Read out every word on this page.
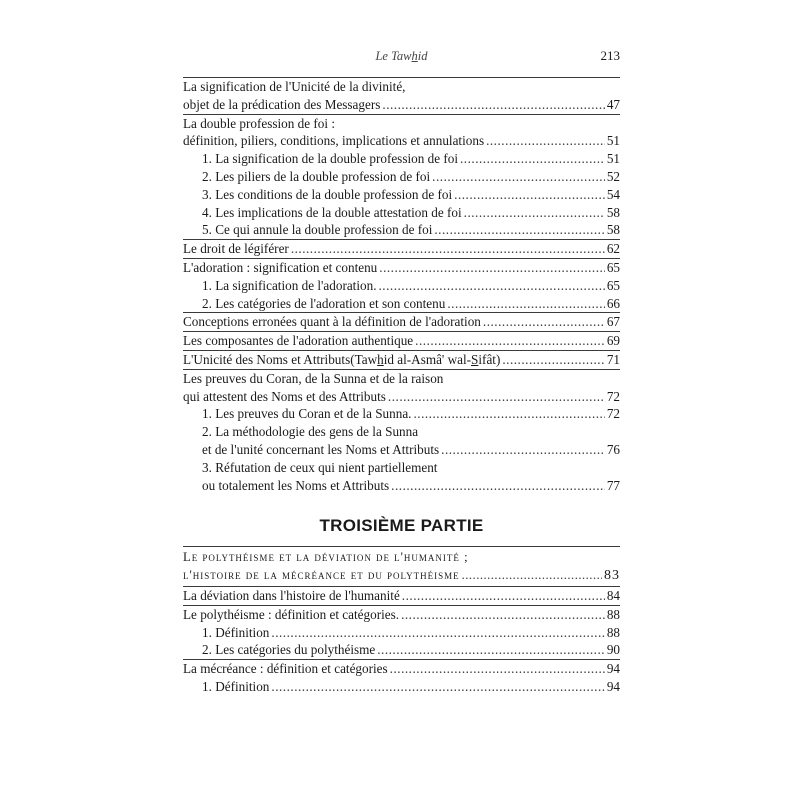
Le Tawhid	213
La signification de l'Unicité de la divinité,
objet de la prédication des Messagers .....	47
La double profession de foi :
définition, piliers, conditions, implications et annulations .....	51
1. La signification de la double profession de foi .....	51
2. Les piliers de la double profession de foi .....	52
3. Les conditions de la double profession de foi .....	54
4. Les implications de la double attestation de foi .....	58
5. Ce qui annule la double profession de foi .....	58
Le droit de légiférer .....	62
L'adoration : signification et contenu .....	65
1. La signification de l'adoration. .....	65
2. Les catégories de l'adoration et son contenu .....	66
Conceptions erronées quant à la définition de l'adoration .....	67
Les composantes de l'adoration authentique .....	69
L'Unicité des Noms et Attributs(Tawhid al-Asmâ' wal-Sifât) .....	71
Les preuves du Coran, de la Sunna et de la raison
qui attestent des Noms et des Attributs .....	72
1. Les preuves du Coran et de la Sunna. .....	72
2. La méthodologie des gens de la Sunna
et de l'unité concernant les Noms et Attributs .....	76
3. Réfutation de ceux qui nient partiellement
ou totalement les Noms et Attributs .....	77
TROISIÈME PARTIE
Le polythéisme et la déviation de l'humanité ;
l'histoire de la mécréance et du polythéisme .....	83
La déviation dans l'histoire de l'humanité .....	84
Le polythéisme : définition et catégories. .....	88
1. Définition .....	88
2. Les catégories du polythéisme .....	90
La mécréance : définition et catégories .....	94
1. Définition .....	94
